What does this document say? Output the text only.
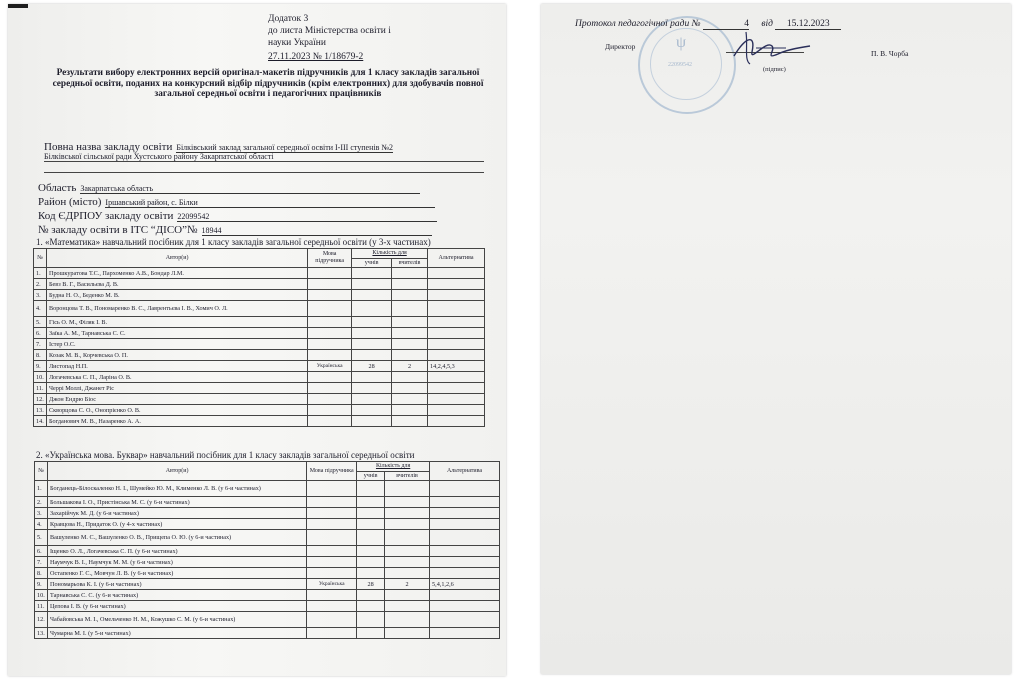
Додаток 3
до листа Міністерства освіти і
науки України
27.11.2023 № 1/18679-2
Результати вибору електронних версій оригінал-макетів підручників для 1 класу закладів загальної середньої освіти, поданих на конкурсний відбір підручників (крім електронних) для здобувачів повної загальної середньої освіти і педагогічних працівників
Повна назва закладу освіти Білківський заклад загальної середньої освіти І-ІІІ ступенів №2
Білківської сільської ради Хустського району Закарпатської області
Область Закарпатська область
Район (місто) Іршавський район, с. Білки
Код ЄДРПОУ закладу освіти 22099542
№ закладу освіти в ІТС “ДІСО”№ 18944
1. «Математика» навчальний посібник для 1 класу закладів загальної середньої освіти (у 3-х частинах)
№	Автор(и)	Мова підручника	Кількість для		Альтернатива
			учнів	вчителів	
1.	Прошкуратова Т.С., Пархоменко А.В., Бондар Л.М.				
2.	Бевз В. Г., Васильєва Д. В.				
3.	Будна Н. О., Беденко М. В.				
4.	Воронцова Т. В., Пономаренко В. С., Лаврентьєва І. В., Хомич О. Л.				
5.	Гісь О. М., Філяк І. В.				
6.	Заїка А. М., Тарнавська С. С.				
7.	Істер О.С.				
8.	Козак М. В., Корчевська О. П.				
9.	Листопад Н.П.	Українська	28	2	14,2,4,5,3
10.	Логачевська С. П., Ларіна О. В.				
11.	Черрі Моллі, Джанет Ріс				
12.	Джон Ендрю Біос				
13.	Скворцова С. О., Онопрієнко О. В.				
14.	Богданович М. В., Назаренко А. А.				
2. «Українська мова. Буквар» навчальний посібник для 1 класу закладів загальної середньої освіти
№	Автор(и)	Мова підручника	Кількість для		Альтернатива
			учнів	вчителів	
1.	Богданець-Білоскаленко Н. І., Шумейко Ю. М., Клименко Л. В. (у 6-и частинах)				
2.	Большакова І. О., Пристінська М. С. (у 6-и частинах)				
3.	Захарійчук М. Д. (у 6-и частинах)				
4.	Кравцова Н., Придаток О. (у 4-х частинах)				
5.	Вашуленко М. С., Вашуленко О. В., Прищепа О. Ю. (у 6-и частинах)				
6.	Іщенко О. Л., Логачевська С. П. (у 6-и частинах)				
7.	Наумчук В. І., Наумчук М. М. (у 6-и частинах)				
8.	Остапенко Г. С., Мовчун Л. В. (у 6-и частинах)				
9.	Пономарьова К. І. (у 6-и частинах)	Українська	28	2	5,4,1,2,6
10.	Тарнавська С. С. (у 6-и частинах)				
11.	Цепова І. В. (у 6-и частинах)				
12.	Чабайовська М. І., Омельченко Н. М., Кожушко С. М. (у 6-и частинах)				
13.	Чумарна М. І. (у 5-и частинах)				
ψ
22099542
Протокол педагогічної ради №	4 від 15.12.2023
Директор
(підпис)
П. В. Чорба
